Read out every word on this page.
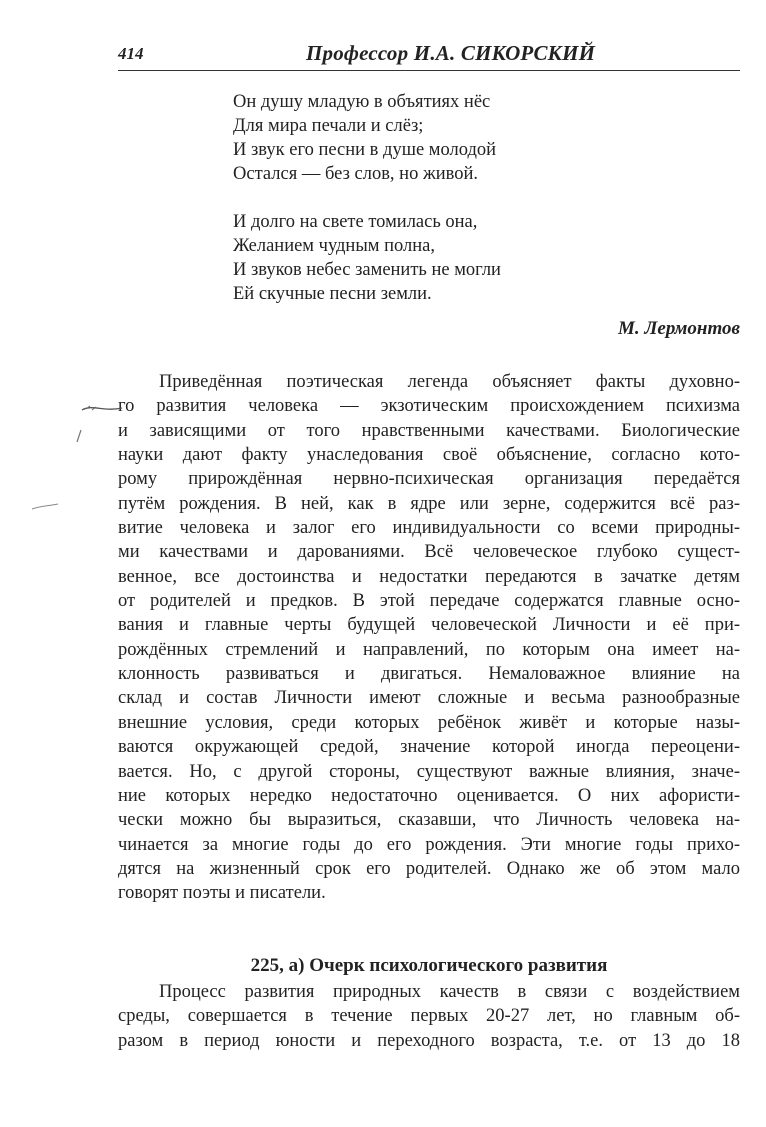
414	Профессор И.А. СИКОРСКИЙ
Он душу младую в объятиях нёс
Для мира печали и слёз;
И звук его песни в душе молодой
Остался — без слов, но живой.
И долго на свете томилась она,
Желанием чудным полна,
И звуков небес заменить не могли
Ей скучные песни земли.
М. Лермонтов
Приведённая поэтическая легенда объясняет факты духовно-
го развития человека — экзотическим происхождением психизма
и зависящими от того нравственными качествами. Биологические
науки дают факту унаследования своё объяснение, согласно кото-
рому прирождённая нервно-психическая организация передаётся
путём рождения. В ней, как в ядре или зерне, содержится всё раз-
витие человека и залог его индивидуальности со всеми природны-
ми качествами и дарованиями. Всё человеческое глубоко сущест-
венное, все достоинства и недостатки передаются в зачатке детям
от родителей и предков. В этой передаче содержатся главные осно-
вания и главные черты будущей человеческой Личности и её при-
рождённых стремлений и направлений, по которым она имеет на-
клонность развиваться и двигаться. Немаловажное влияние на
склад и состав Личности имеют сложные и весьма разнообразные
внешние условия, среди которых ребёнок живёт и которые назы-
ваются окружающей средой, значение которой иногда переоцени-
вается. Но, с другой стороны, существуют важные влияния, значе-
ние которых нередко недостаточно оценивается. О них афористи-
чески можно бы выразиться, сказавши, что Личность человека на-
чинается за многие годы до его рождения. Эти многие годы прихо-
дятся на жизненный срок его родителей. Однако же об этом мало
говорят поэты и писатели.
225, а) Очерк психологического развития
Процесс развития природных качеств в связи с воздействием
среды, совершается в течение первых 20-27 лет, но главным об-
разом в период юности и переходного возраста, т.е. от 13 до 18
